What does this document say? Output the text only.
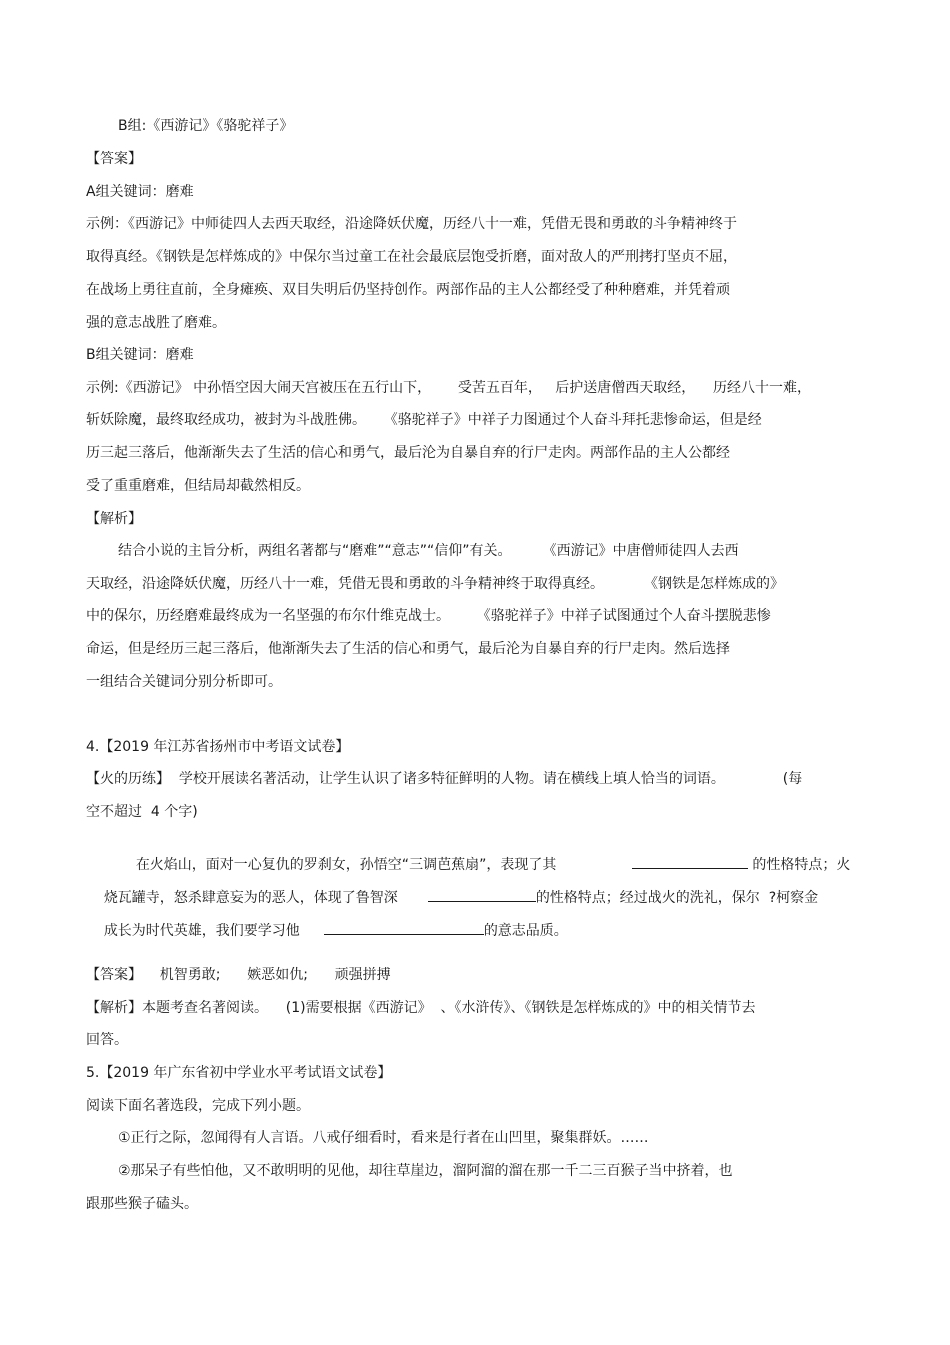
B组:《西游记》《骆驼祥子》
【答案】
A组关键词：磨难
示例：《西游记》中师徒四人去西天取经，沿途降妖伏魔，历经八十一难，凭借无畏和勇敢的斗争精神终于
取得真经。《钢铁是怎样炼成的》中保尔当过童工在社会最底层饱受折磨，面对敌人的严刑拷打坚贞不屈，
在战场上勇往直前，全身瘫痪、双目失明后仍坚持创作。两部作品的主人公都经受了种种磨难，并凭着顽
强的意志战胜了磨难。
B组关键词：磨难
示例:《西游记》 中孙悟空因大闹天宫被压在五行山下，      受苦五百年，   后护送唐僧西天取经，    历经八十一难，
斩妖除魔，最终取经成功，被封为斗战胜佛。    《骆驼祥子》中祥子力图通过个人奋斗拜托悲惨命运，但是经
历三起三落后，他渐渐失去了生活的信心和勇气，最后沦为自暴自弃的行尸走肉。两部作品的主人公都经
受了重重磨难，但结局却截然相反。
【解析】
结合小说的主旨分析，两组名著都与“磨难”“意志”“信仰”有关。       《西游记》中唐僧师徒四人去西
天取经，沿途降妖伏魔，历经八十一难，凭借无畏和勇敢的斗争精神终于取得真经。         《钢铁是怎样炼成的》
中的保尔，历经磨难最终成为一名坚强的布尔什维克战士。      《骆驼祥子》中祥子试图通过个人奋斗摆脱悲惨
命运，但是经历三起三落后，他渐渐失去了生活的信心和勇气，最后沦为自暴自弃的行尸走肉。然后选择
一组结合关键词分别分析即可。
4.【2019 年江苏省扬州市中考语文试卷】
【火的历练】  学校开展读名著活动，让学生认识了诸多特征鲜明的人物。请在横线上填人恰当的词语。             (每
空不超过  4 个字)

在火焰山，面对一心复仇的罗刹女，孙悟空“三调芭蕉扇”，表现了其	的性格特点；火

烧瓦罐寺，怒杀肆意妄为的恶人，体现了鲁智深	的性格特点；经过战火的洗礼，保尔  ?柯察金

成长为时代英雄，我们要学习他	的意志品质。

【答案】    机智勇敢;      嫉恶如仇;      顽强拼搏
【解析】本题考查名著阅读。    (1)需要根据《西游记》  、《水浒传》、《钢铁是怎样炼成的》中的相关情节去
回答。
5.【2019 年广东省初中学业水平考试语文试卷】
阅读下面名著选段，完成下列小题。
①正行之际，忽闻得有人言语。八戒仔细看时，看来是行者在山凹里，聚集群妖。……
②那呆子有些怕他，又不敢明明的见他，却往草崖边，溜阿溜的溜在那一千二三百猴子当中挤着，也
跟那些猴子磕头。
